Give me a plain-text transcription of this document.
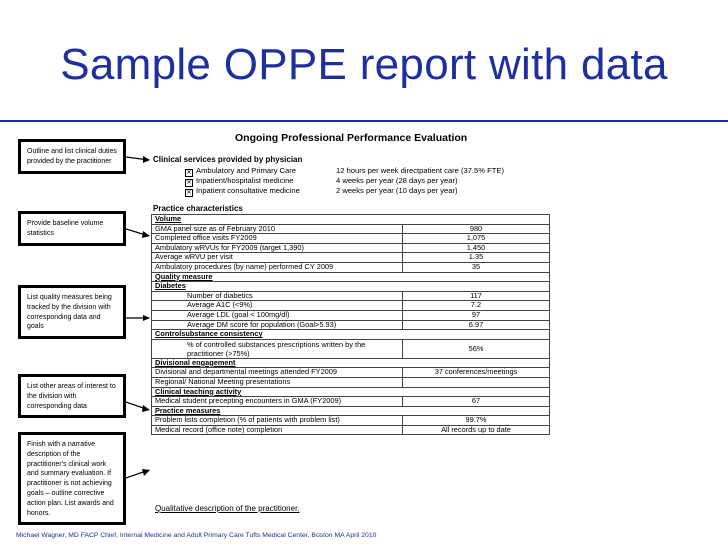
Sample OPPE report with data
Outline and list clinical duties provided by the practitioner
Provide baseline volume statistics
List quality measures being tracked by the division with corresponding data and goals
List other areas of interest to the division with corresponding data
Finish with a narrative description of the practitioner's clinical work and summary evaluation. If practitioner is not achieving goals – outline corrective action plan. List awards and honors.
Ongoing Professional Performance Evaluation
Clinical services provided by physician
✕ Ambulatory and Primary Care	12 hours per week directpatient care (37.5% FTE)
✕ Inpatient/hospitalist medicine	4 weeks per year (28 days per year)
✕ Inpatient consultative medicine	2 weeks per year (10 days per year)
Practice characteristics
Volume	
GMA panel size as of February 2010	980
Completed office visits FY2009	1,075
Ambulatory wRVUs for FY2009 (target 1,390)	1,450
Average wRVU per visit	1.35
Ambulatory procedures (by name) performed CY 2009	35
Quality measure	
Diabetes	
Number of diabetics	117
Average A1C (<9%)	7.2
Average LDL (goal < 100mg/dl)	97
Average DM score for population (Goal>5.93)	6.97
Controlsubstance consistency	
% of controlled substances prescriptions written by the practitioner (>75%)	56%
Divisional engagement	
Divisional and departmental meetings attended FY2009	37 conferences/meetings
Regional/ National Meeting presentations	
Clinical teaching activity	
Medical student precepting encounters in GMA (FY2009)	67
Practice measures	
Problem lists completion (% of patients with problem list)	99.7%
Medical record (office note) completion	All records up to date
Qualitative description of the practitioner.
Michael Wagner, MD FACP Chief, Internal Medicine and Adult Primary Care Tufts Medical Center, Boston MA April 2010
